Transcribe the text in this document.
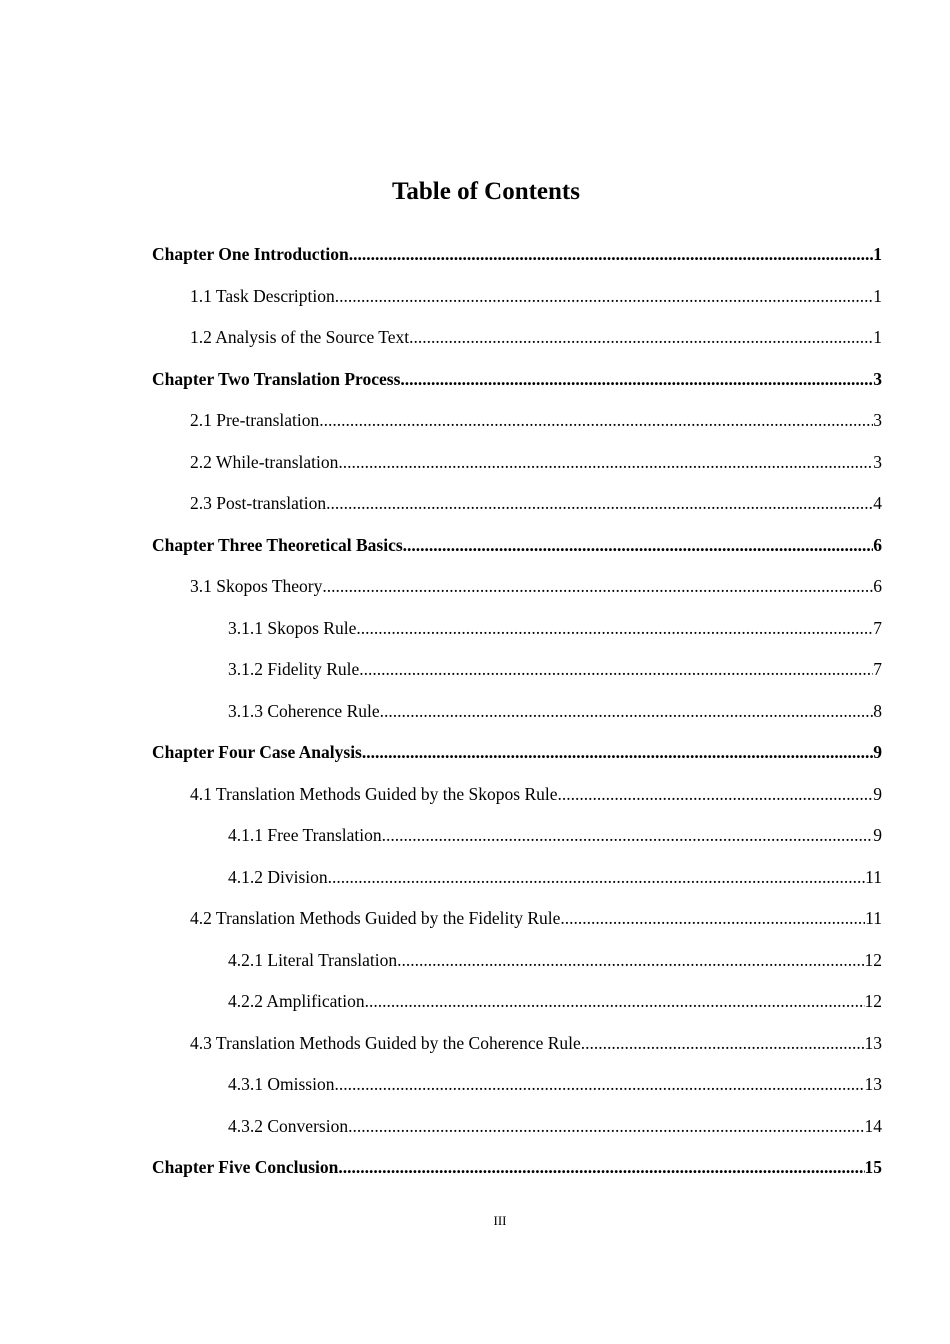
Table of Contents
Chapter One Introduction .....	1
1.1 Task Description .....	1
1.2 Analysis of the Source Text .....	1
Chapter Two Translation Process .....	3
2.1 Pre-translation .....	3
2.2 While-translation .....	3
2.3 Post-translation .....	4
Chapter Three Theoretical Basics .....	6
3.1 Skopos Theory .....	6
3.1.1 Skopos Rule .....	7
3.1.2 Fidelity Rule .....	7
3.1.3 Coherence Rule .....	8
Chapter Four Case Analysis .....	9
4.1 Translation Methods Guided by the Skopos Rule .....	9
4.1.1 Free Translation .....	9
4.1.2 Division .....	11
4.2 Translation Methods Guided by the Fidelity Rule .....	11
4.2.1 Literal Translation .....	12
4.2.2 Amplification .....	12
4.3 Translation Methods Guided by the Coherence Rule .....	13
4.3.1 Omission .....	13
4.3.2 Conversion .....	14
Chapter Five Conclusion .....	15
III
